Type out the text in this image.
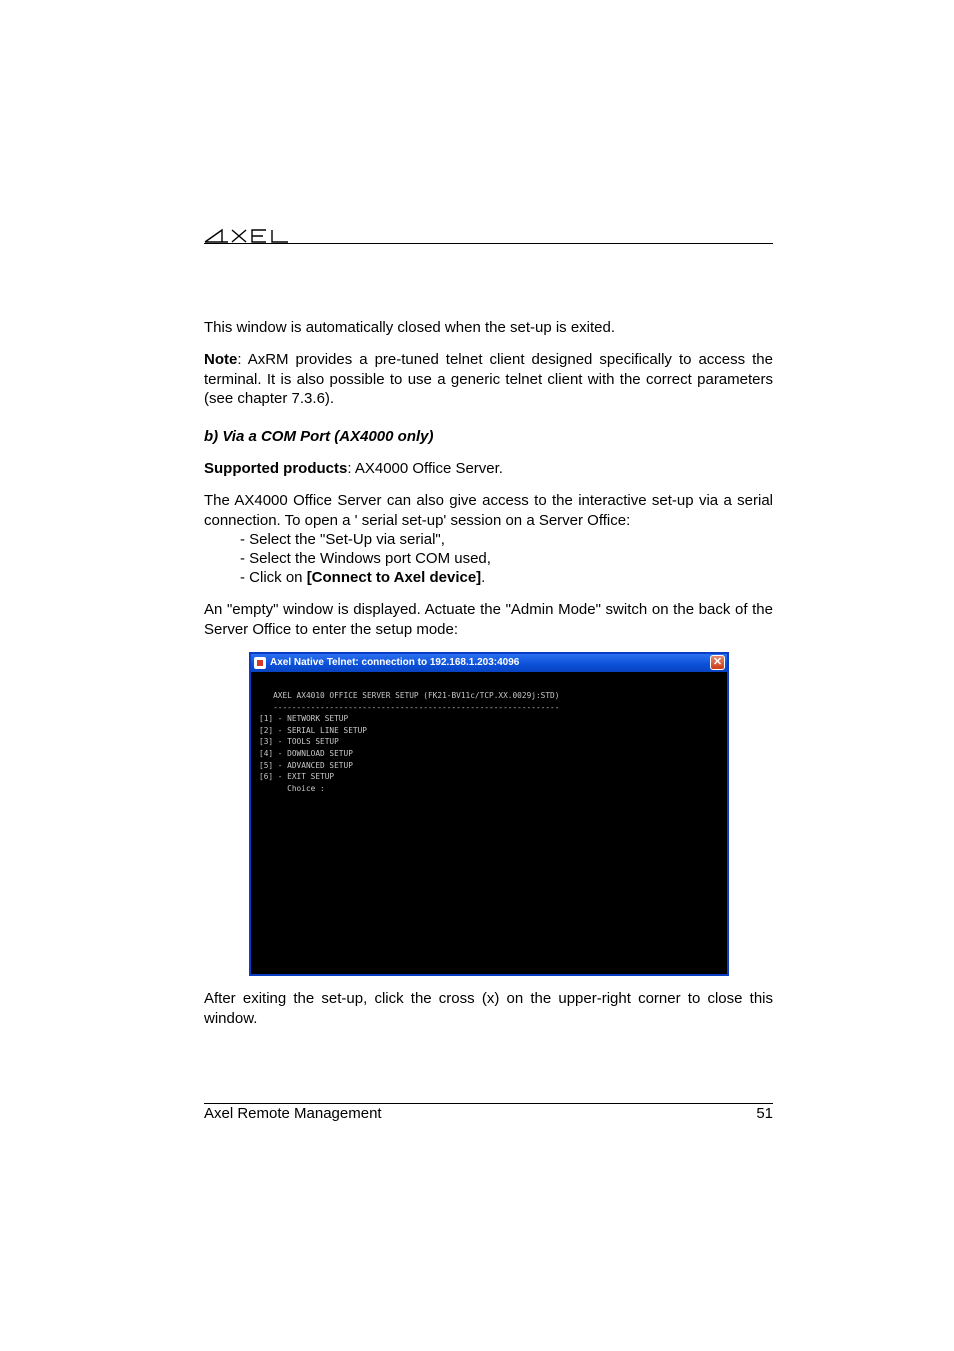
This window is automatically closed when the set-up is exited.

Note: AxRM provides a pre-tuned telnet client designed specifically to access the terminal. It is also possible to use a generic telnet client with the correct parameters (see chapter 7.3.6).

b) Via a COM Port (AX4000 only)

Supported products: AX4000 Office Server.

The AX4000 Office Server can also give access to the interactive set-up via a serial connection. To open a ' serial set-up' session on a Server Office:

- Select the "Set-Up via serial",
- Select the Windows port COM used,
- Click on [Connect to Axel device].

An "empty" window is displayed. Actuate the "Admin Mode" switch on the back of the Server Office to enter the setup mode:

Axel Native Telnet: connection to 192.168.1.203:4096	✕
AXEL AX4010 OFFICE SERVER SETUP (FK21-BV11c/TCP.XX.0029j:STD)
-------------------------------------------------------------
[1] - NETWORK SETUP
[2] - SERIAL LINE SETUP
[3] - TOOLS SETUP
[4] - DOWNLOAD SETUP
[5] - ADVANCED SETUP
[6] - EXIT SETUP
Choice :

After exiting the set-up, click the cross (x) on the upper-right corner to close this window.

Axel Remote Management	51
